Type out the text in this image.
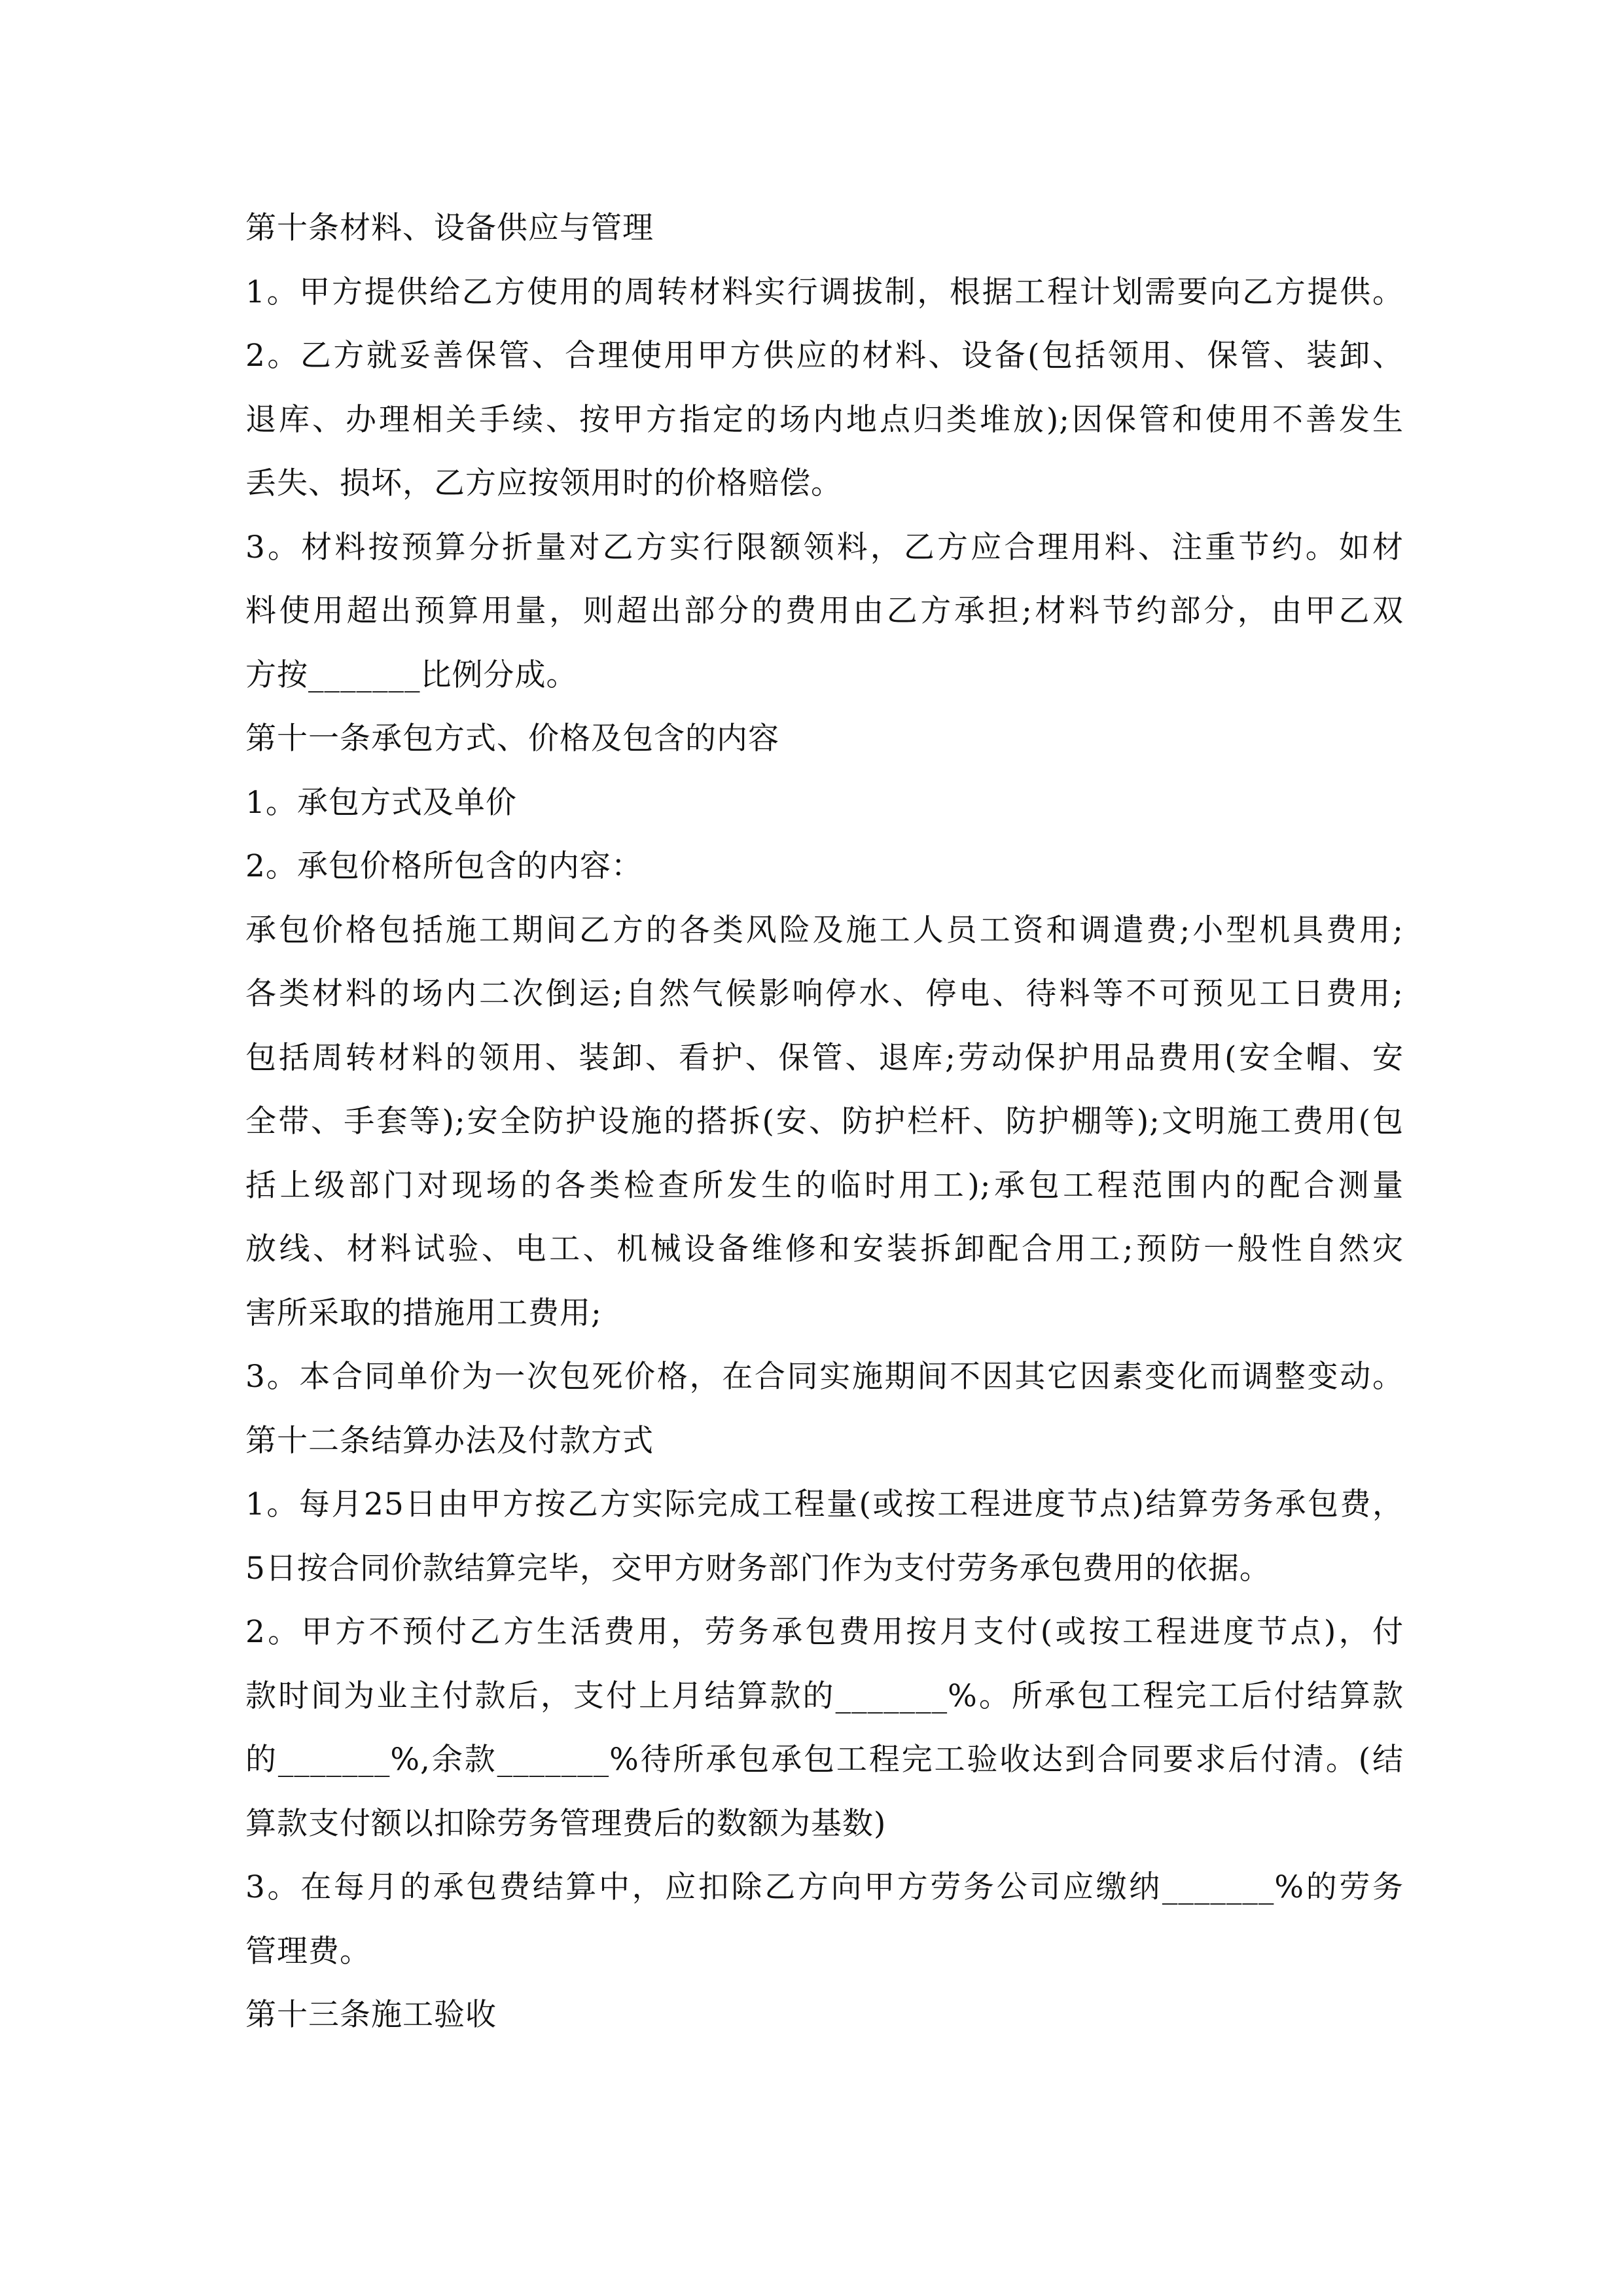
第十条材料、设备供应与管理
1。甲方提供给乙方使用的周转材料实行调拔制，根据工程计划需要向乙方提供。
2。乙方就妥善保管、合理使用甲方供应的材料、设备(包括领用、保管、装卸、
退库、办理相关手续、按甲方指定的场内地点归类堆放);因保管和使用不善发生
丢失、损坏，乙方应按领用时的价格赔偿。
3。材料按预算分折量对乙方实行限额领料，乙方应合理用料、注重节约。如材
料使用超出预算用量，则超出部分的费用由乙方承担;材料节约部分，由甲乙双
方按_______比例分成。
第十一条承包方式、价格及包含的内容
1。承包方式及单价
2。承包价格所包含的内容：
承包价格包括施工期间乙方的各类风险及施工人员工资和调遣费;小型机具费用;
各类材料的场内二次倒运;自然气候影响停水、停电、待料等不可预见工日费用;
包括周转材料的领用、装卸、看护、保管、退库;劳动保护用品费用(安全帽、安
全带、手套等);安全防护设施的搭拆(安、防护栏杆、防护棚等);文明施工费用(包
括上级部门对现场的各类检查所发生的临时用工);承包工程范围内的配合测量
放线、材料试验、电工、机械设备维修和安装拆卸配合用工;预防一般性自然灾
害所采取的措施用工费用;
3。本合同单价为一次包死价格，在合同实施期间不因其它因素变化而调整变动。
第十二条结算办法及付款方式
1。每月25日由甲方按乙方实际完成工程量(或按工程进度节点)结算劳务承包费，
5日按合同价款结算完毕，交甲方财务部门作为支付劳务承包费用的依据。
2。甲方不预付乙方生活费用，劳务承包费用按月支付(或按工程进度节点)，付
款时间为业主付款后，支付上月结算款的_______%。所承包工程完工后付结算款
的_______%,余款_______%待所承包承包工程完工验收达到合同要求后付清。(结
算款支付额以扣除劳务管理费后的数额为基数)
3。在每月的承包费结算中，应扣除乙方向甲方劳务公司应缴纳_______%的劳务
管理费。
第十三条施工验收
